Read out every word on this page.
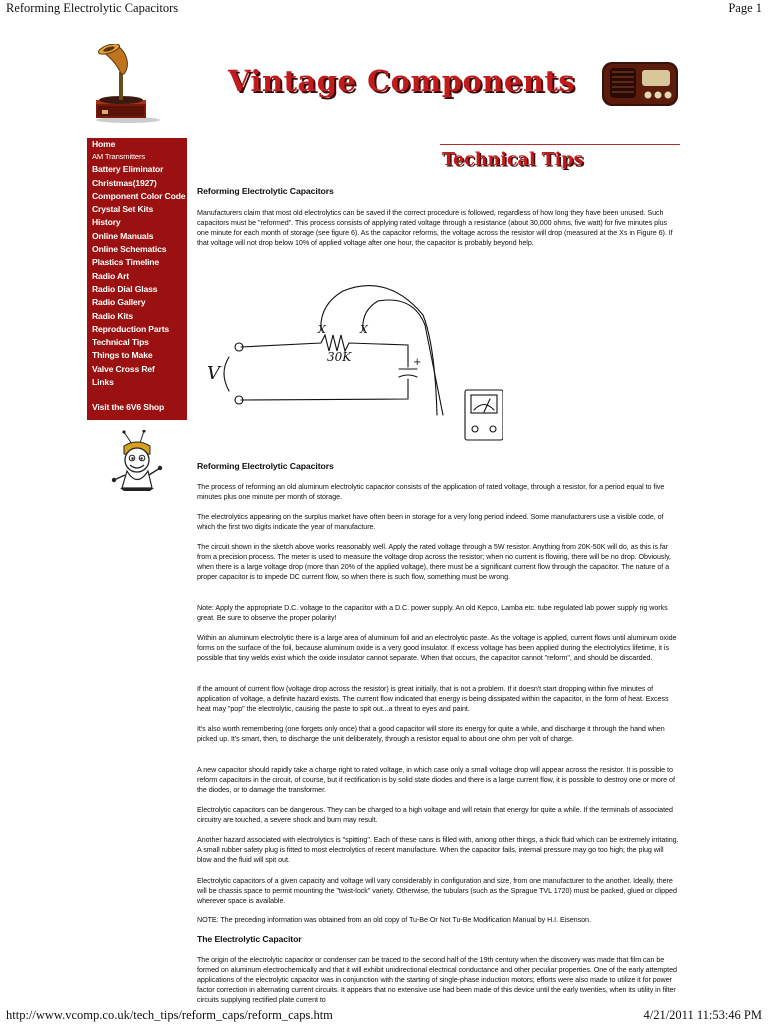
Reforming Electrolytic Capacitors	Page 1
Vintage Components
Technical Tips
Home
AM Transmitters
Battery Eliminator
Christmas(1927)
Component Color Code
Crystal Set Kits
History
Online Manuals
Online Schematics
Plastics Timeline
Radio Art
Radio Dial Glass
Radio Gallery
Radio Kits
Reproduction Parts
Technical Tips
Things to Make
Valve Cross Ref
Links
Visit the 6V6 Shop
Reforming Electrolytic Capacitors

Manufacturers claim that most old electrolytics can be saved if the correct procedure is followed, regardless of how long they have been unused. Such capacitors must be "reformed". This process consists of applying rated voltage through a resistance (about 30,000 ohms, five watt) for five minutes plus one minute for each month of storage (see figure 6). As the capacitor reforms, the voltage across the resistor will drop (measured at the Xs in Figure 6). If that voltage will not drop below 10% of applied voltage after one hour, the capacitor is probably beyond help.

X	X
30K
V
+
Reforming Electrolytic Capacitors

The process of reforming an old aluminum electrolytic capacitor consists of the application of rated voltage, through a resistor, for a period equal to five minutes plus one minute per month of storage.

The electrolytics appearing on the surplus market have often been in storage for a very long period indeed. Some manufacturers use a visible code, of which the first two digits indicate the year of manufacture.

The circuit shown in the sketch above works reasonably well. Apply the rated voltage through a 5W resistor. Anything from 20K-50K will do, as this is far from a precision process. The meter is used to measure the voltage drop across the resistor; when no current is flowing, there will be no drop. Obviously, when there is a large voltage drop (more than 20% of the applied voltage), there must be a significant current flow through the capacitor. The nature of a proper capacitor is to impede DC current flow, so when there is such flow, something must be wrong.

Note: Apply the appropriate D.C. voltage to the capacitor with a D.C. power supply. An old Kepco, Lamba etc. tube regulated lab power supply rig works great. Be sure to observe the proper polarity!

Within an aluminum electrolytic there is a large area of aluminum foil and an electrolytic paste. As the voltage is applied, current flows until aluminum oxide forms on the surface of the foil, because aluminum oxide is a very good insulator. If excess voltage has been applied during the electrolytics lifetime, it is possible that tiny welds exist which the oxide insulator cannot separate. When that occurs, the capacitor cannot "reform", and should be discarded.

If the amount of current flow (voltage drop across the resistor) is great initially, that is not a problem. If it doesn't start dropping within five minutes of application of voltage, a definite hazard exists. The current flow indicated that energy is being dissipated within the capacitor, in the form of heat. Excess heat may "pop" the electrolytic, causing the paste to spit out...a threat to eyes and paint.

It's also worth remembering (one forgets only once) that a good capacitor will store its energy for quite a while, and discharge it through the hand when picked up. It's smart, then, to discharge the unit deliberately, through a resistor equal to about one ohm per volt of charge.

A new capacitor should rapidly take a charge right to rated voltage, in which case only a small voltage drop will appear across the resistor. It is possible to reform capacitors in the circuit, of course, but if rectification is by solid state diodes and there is a large current flow, it is possible to destroy one or more of the diodes, or to damage the transformer.

Electrolytic capacitors can be dangerous. They can be charged to a high voltage and will retain that energy for quite a while. If the terminals of associated circuitry are touched, a severe shock and burn may result.

Another hazard associated with electrolytics is "spitting". Each of these cans is filled with, among other things, a thick fluid which can be extremely irritating. A small rubber safety plug is fitted to most electrolytics of recent manufacture. When the capacitor fails, internal pressure may go too high; the plug will blow and the fluid will spit out.

Electrolytic capacitors of a given capacity and voltage will vary considerably in configuration and size, from one manufacturer to the another. Ideally, there will be chassis space to permit mounting the "twist-lock" variety. Otherwise, the tubulars (such as the Sprague TVL 1720) must be packed, glued or clipped wherever space is available.

NOTE: The preceding information was obtained from an old copy of Tu-Be Or Not Tu-Be Modification Manual by H.I. Eisenson.

The Electrolytic Capacitor

The origin of the electrolytic capacitor or condenser can be traced to the second half of the 19th century when the discovery was made that film can be formed on aluminum electrochemically and that it will exhibit unidirectional electrical conductance and other peculiar properties. One of the early attempted applications of the electrolytic capacitor was in conjunction with the starting of single-phase induction motors; efforts were also made to utilize it for power factor correction in alternating current circuits. It appears that no extensive use had been made of this device until the early twenties, when its utility in filter circuits supplying rectified plate current to

http://www.vcomp.co.uk/tech_tips/reform_caps/reform_caps.htm	4/21/2011 11:53:46 PM
